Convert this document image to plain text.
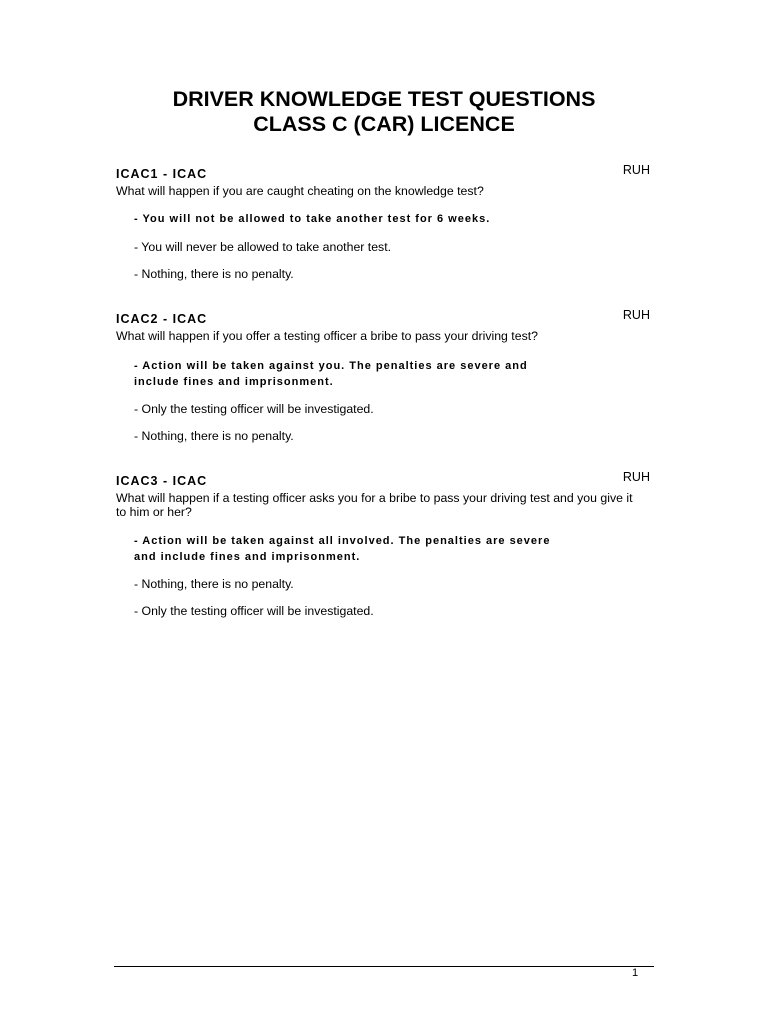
DRIVER KNOWLEDGE TEST QUESTIONS
CLASS C (CAR) LICENCE
ICAC1 - ICAC	RUH
What will happen if you are caught cheating on the knowledge test?
- You will not be allowed to take another test for 6 weeks.
- You will never be allowed to take another test.
- Nothing, there is no penalty.
ICAC2 - ICAC	RUH
What will happen if you offer a testing officer a bribe to pass your driving test?
- Action will be taken against you. The penalties are severe and include fines and imprisonment.
- Only the testing officer will be investigated.
- Nothing, there is no penalty.
ICAC3 - ICAC	RUH
What will happen if a testing officer asks you for a bribe to pass your driving test and you give it to him or her?
- Action will be taken against all involved. The penalties are severe and include fines and imprisonment.
- Nothing, there is no penalty.
- Only the testing officer will be investigated.
1
